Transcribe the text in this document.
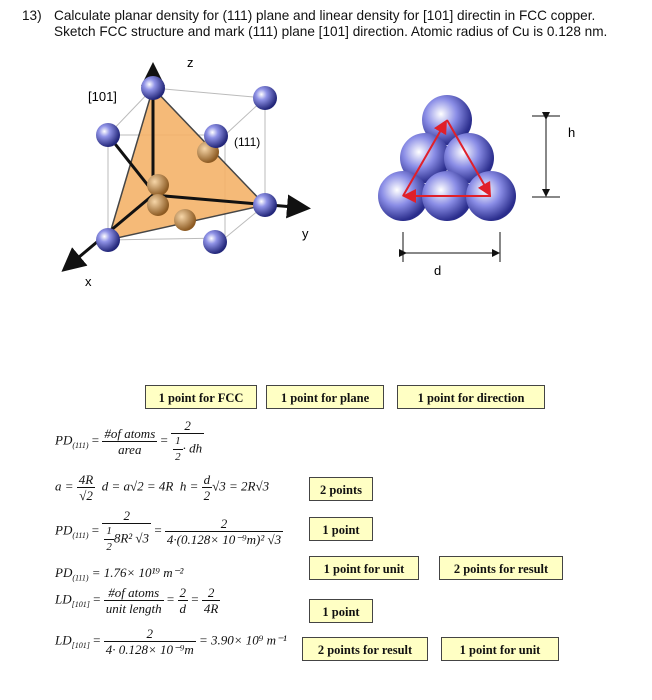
13) Calculate planar density for (111) plane and linear density for [101] directin in FCC copper. Sketch FCC structure and mark (111) plane [101] direction. Atomic radius of Cu is 0.128 nm.
z
y
x
[101]
(111)
h
d
1 point for FCC	1 point for plane	1 point for direction
$PD_{(111)} = \frac{\text{\#of atoms}}{\text{area}} = \frac{2}{\frac{1}{2} \cdot dh}$
$a = \frac{4R}{√2}$ d = a√2 = 4R $h = \frac{d}{2} √3 = 2R√3$	2 points
$PD_{(111)} = \frac{2}{\frac{1}{2} 8R^2 √3} = \frac{2}{\text{4·(0.128× 10⁻⁹m)² √3}}$	1 point
$PD_{(111)} = 1.76\times 10^{19}$ m⁻²	1 point for unit	2 points for result
$LD_{[101]} = \frac{\text{\#of atoms}}{\text{unit length}} = \frac{2}{d} = \frac{2}{4R}$	1 point
$LD_{[101]} = \frac{2}{\text{4· 0.128× 10⁻⁹m}} = 3.90\times 10^9$ m⁻¹
2 points for result	1 point for unit
